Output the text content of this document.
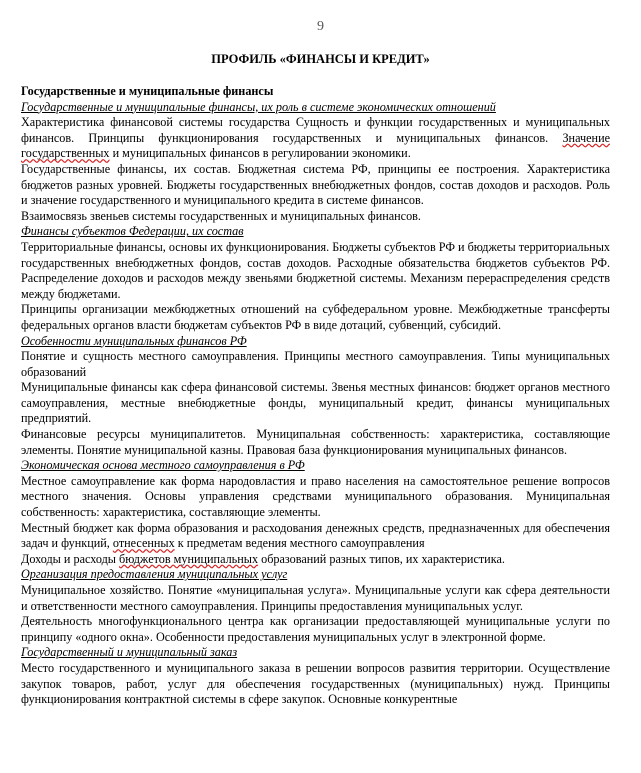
9
ПРОФИЛЬ «ФИНАНСЫ И КРЕДИТ»
Государственные и муниципальные финансы
Государственные и муниципальные финансы, их роль в системе экономических отношений
Характеристика финансовой системы государства Сущность и функции государственных и муниципальных финансов. Принципы функционирования государственных и муниципальных финансов. Значение государственных и муниципальных финансов в регулировании экономики.
Государственные финансы, их состав. Бюджетная система РФ, принципы ее построения. Характеристика бюджетов разных уровней. Бюджеты государственных внебюджетных фондов, состав доходов и расходов. Роль и значение государственного и муниципального кредита в системе финансов.
Взаимосвязь звеньев системы государственных и муниципальных финансов.
Финансы субъектов Федерации, их состав
Территориальные финансы, основы их функционирования. Бюджеты субъектов РФ и бюджеты территориальных государственных внебюджетных фондов, состав доходов. Расходные обязательства бюджетов субъектов РФ. Распределение доходов и расходов между звеньями бюджетной системы. Механизм перераспределения средств между бюджетами.
Принципы организации межбюджетных отношений на субфедеральном уровне. Межбюджетные трансферты федеральных органов власти бюджетам субъектов РФ в виде дотаций, субвенций, субсидий.
Особенности муниципальных финансов РФ
Понятие и сущность местного самоуправления. Принципы местного самоуправления. Типы муниципальных образований
Муниципальные финансы как сфера финансовой системы. Звенья местных финансов: бюджет органов местного самоуправления, местные внебюджетные фонды, муниципальный кредит, финансы муниципальных предприятий.
Финансовые ресурсы муниципалитетов. Муниципальная собственность: характеристика, составляющие элементы. Понятие муниципальной казны. Правовая база функционирования муниципальных финансов.
Экономическая основа местного самоуправления в РФ
Местное самоуправление как форма народовластия и право населения на самостоятельное решение вопросов местного значения. Основы управления средствами муниципального образования. Муниципальная собственность: характеристика, составляющие элементы.
Местный бюджет как форма образования и расходования денежных средств, предназначенных для обеспечения задач и функций, отнесенных к предметам ведения местного самоуправления
Доходы и расходы бюджетов муниципальных образований разных типов, их характеристика.
Организация предоставления муниципальных услуг
Муниципальное хозяйство. Понятие «муниципальная услуга». Муниципальные услуги как сфера деятельности и ответственности местного самоуправления. Принципы предоставления муниципальных услуг.
Деятельность многофункционального центра как организации предоставляющей муниципальные услуги по принципу «одного окна». Особенности предоставления муниципальных услуг в электронной форме.
Государственный и муниципальный заказ
Место государственного и муниципального заказа в решении вопросов развития территории. Осуществление закупок товаров, работ, услуг для обеспечения государственных (муниципальных) нужд. Принципы функционирования контрактной системы в сфере закупок. Основные конкурентные
